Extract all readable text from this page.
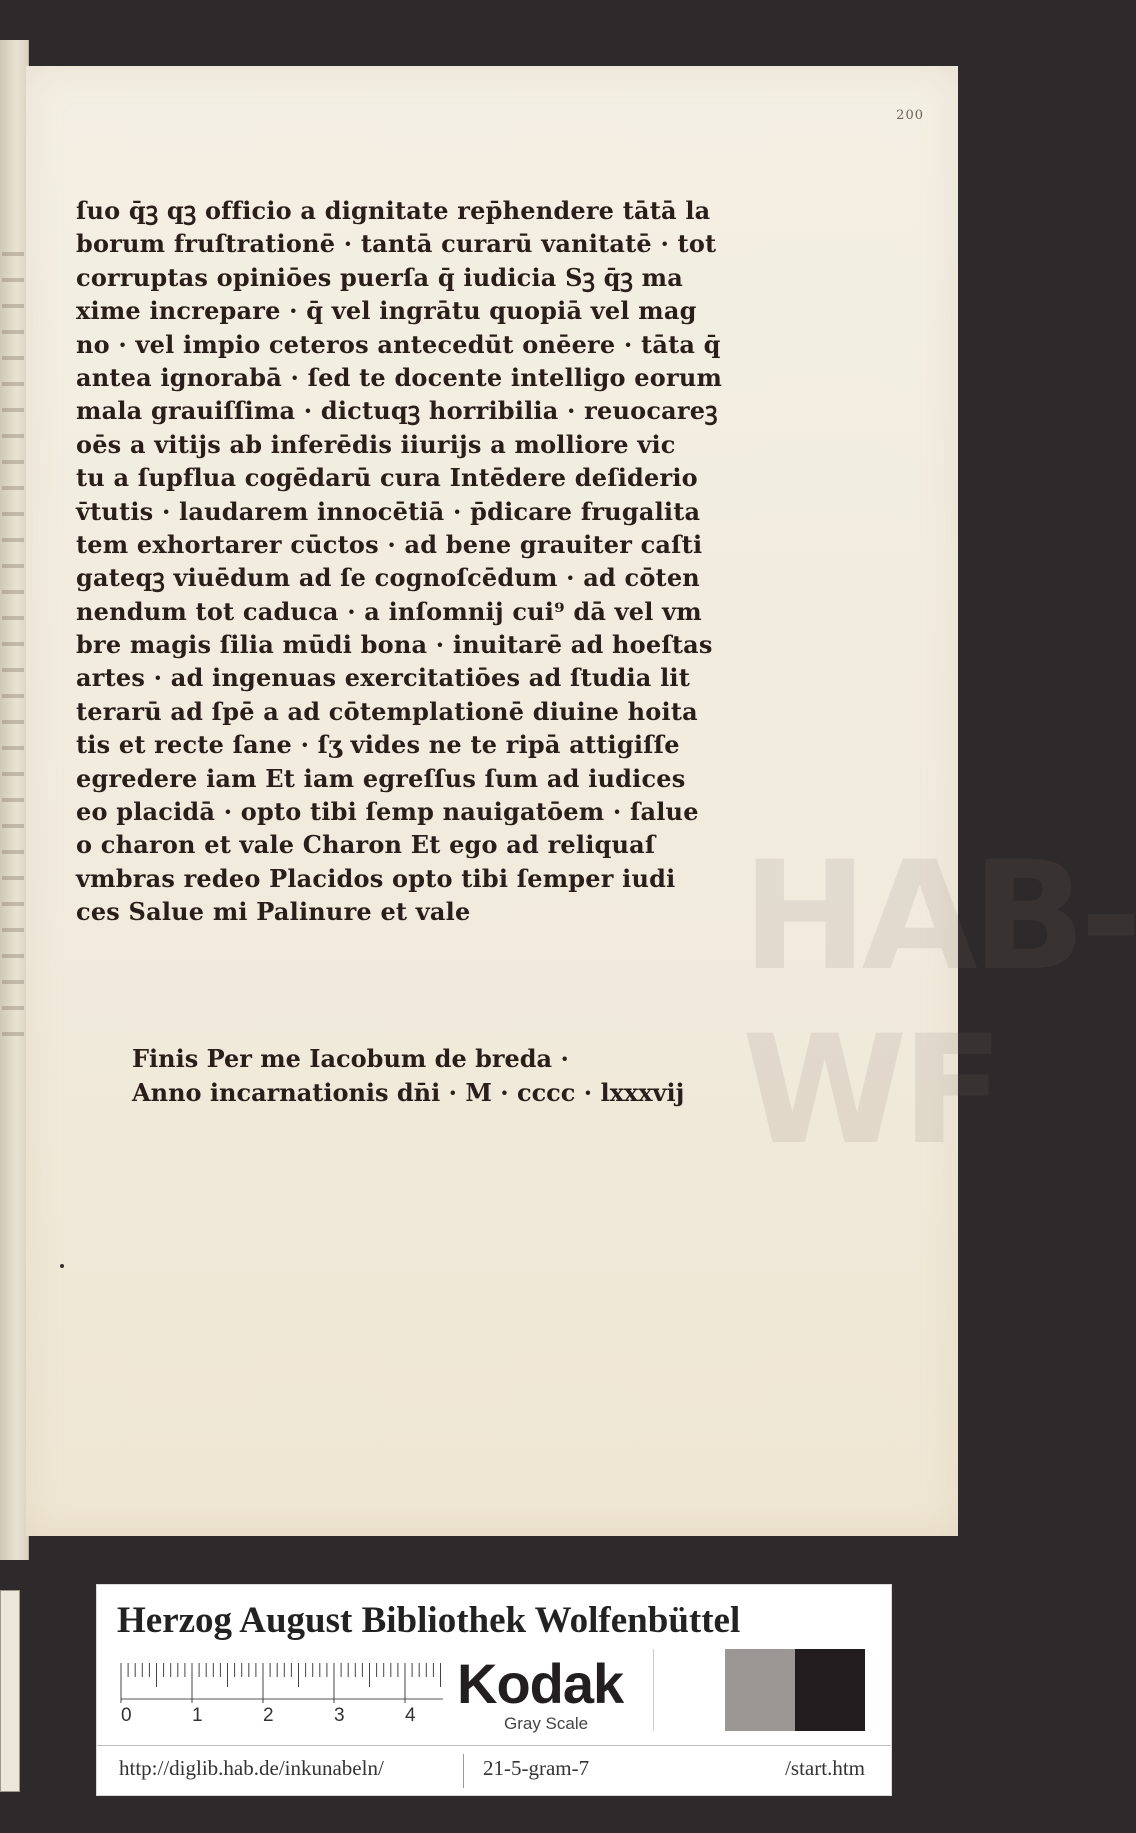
200
ſuo q̄ꝫ qꝫ officio a dignitate rep̄hendere tātā la
borum fruſtrationē · tantā curarū vanitatē · tot
corruptas opiniōes puerſa q̄ iudicia Sꝫ q̄ꝫ ma
xime increpare · q̄ vel ingrātu quopiā vel mag
no · vel impio ceteros antecedūt onēere · tāta q̄
antea ignorabā · ſed te docente intelligo eorum
mala grauiſſima · dictuqꝫ horribilia · reuocareꝫ
oēs a vitijs ab inferēdis iiurijs a molliore vic
tu a ſupflua cogēdarū cura Intēdere deſiderio
v̄tutis · laudarem innocētiā · p̄dicare frugalita
tem exhortarer cūctos · ad bene grauiter caſti
gateqꝫ viuēdum ad ſe cognoſcēdum · ad cōten
nendum tot caduca · a inſomnij cui⁹ dā vel vm
bre magis ſilia mūdi bona · inuitarē ad hoeſtas
artes · ad ingenuas exercitatiōes ad ſtudia lit
terarū ad ſpē a ad cōtemplationē diuine hoita
tis et recte ſane · ſʒ vides ne te ripā attigiſſe
egredere iam Et iam egreſſus ſum ad iudices
eo placidā · opto tibi ſemp nauigatōem · ſalue
o charon et vale Charon Et ego ad reliquaſ
vmbras redeo Placidos opto tibi ſemper iudi
ces Salue mi Palinure et vale
Finis Per me Iacobum de breda ·
Anno incarnationis dn̄i · M · cccc · lxxxvij
HAB-WF
Herzog August Bibliothek Wolfenbüttel
0	1	2	3	4
Kodak
Gray Scale
http://diglib.hab.de/inkunabeln/	21-5-gram-7	/start.htm
